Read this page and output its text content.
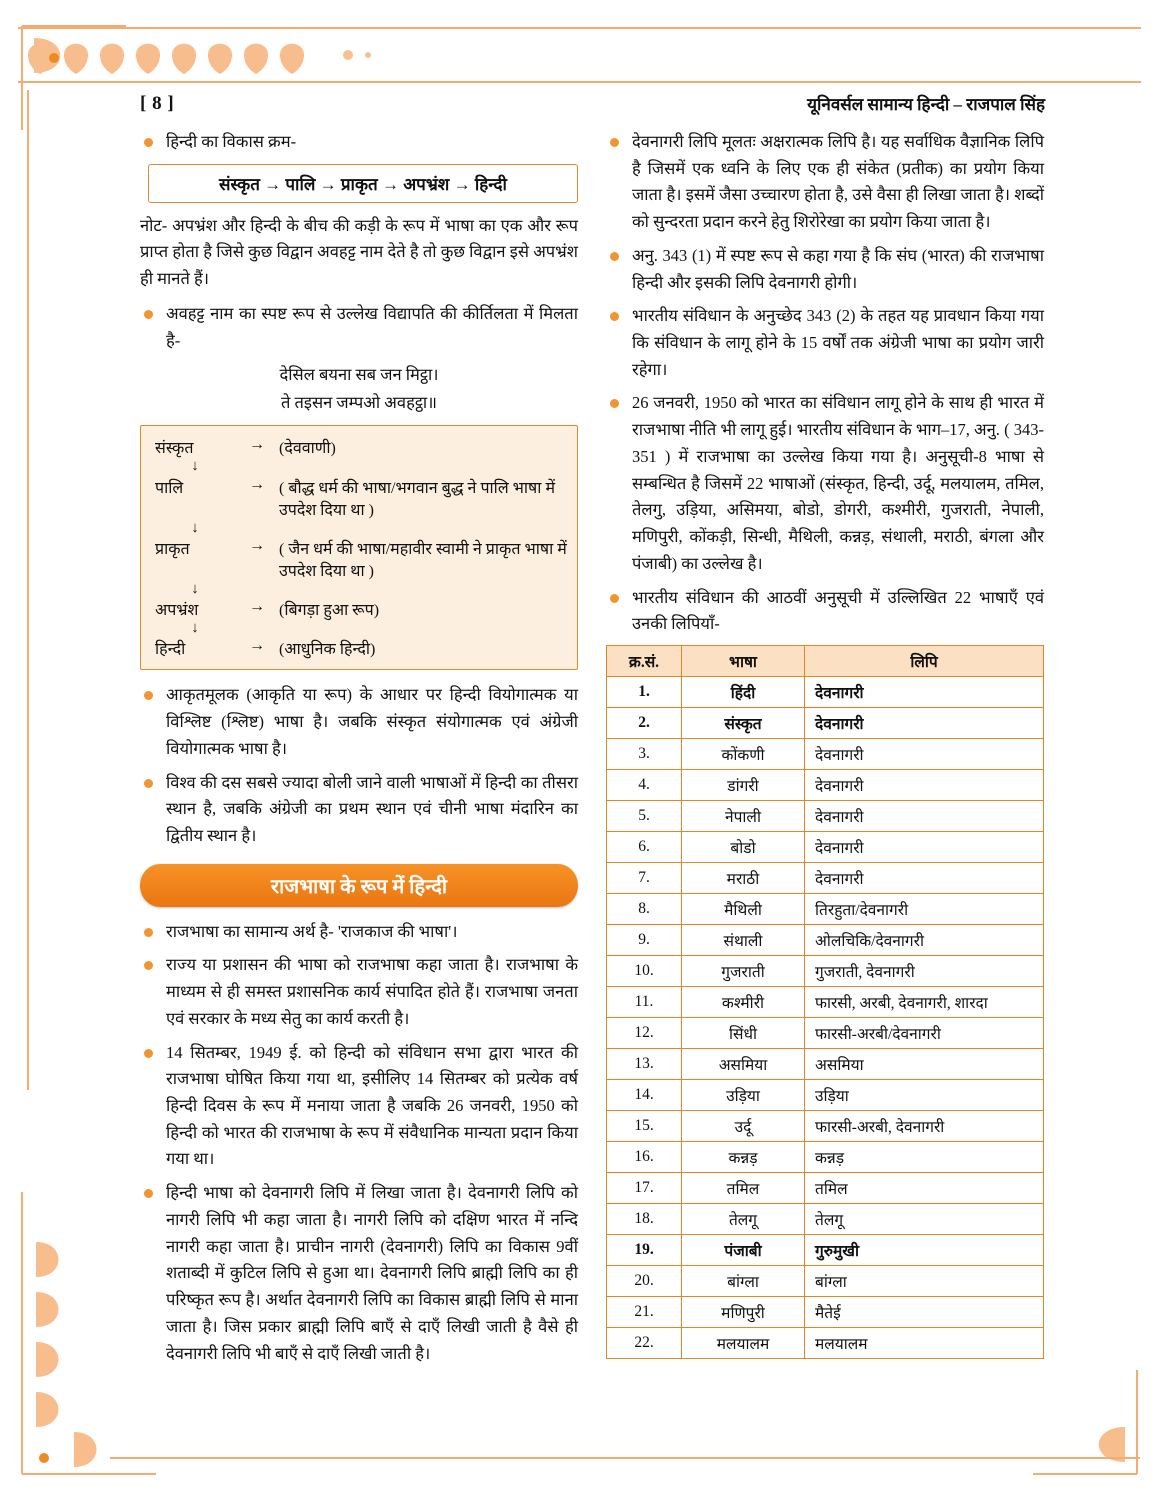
[ 8 ]	यूनिवर्सल सामान्य हिन्दी – राजपाल सिंह
हिन्दी का विकास क्रम-
संस्कृत → पालि → प्राकृत → अपभ्रंश → हिन्दी
नोट- अपभ्रंश और हिन्दी के बीच की कड़ी के रूप में भाषा का एक और रूप प्राप्त होता है जिसे कुछ विद्वान अवहट्ट नाम देते है तो कुछ विद्वान इसे अपभ्रंश ही मानते हैं।
अवहट्ट नाम का स्पष्ट रूप से उल्लेख विद्यापति की कीर्तिलता में मिलता है-
देसिल बयना सब जन मिट्ठा।
ते तइसन जम्पओ अवहट्ठा॥
संस्कृत	→ (देववाणी)
↓
पालि	→ ( बौद्ध धर्म की भाषा/भगवान बुद्ध ने पालि भाषा में उपदेश दिया था )
↓
प्राकृत	→ ( जैन धर्म की भाषा/महावीर स्वामी ने प्राकृत भाषा में उपदेश दिया था )
↓
अपभ्रंश	→ (बिगड़ा हुआ रूप)
↓
हिन्दी	→ (आधुनिक हिन्दी)
आकृतमूलक (आकृति या रूप) के आधार पर हिन्दी वियोगात्मक या विश्लिष्ट (श्लिष्ट) भाषा है। जबकि संस्कृत संयोगात्मक एवं अंग्रेजी वियोगात्मक भाषा है।
विश्व की दस सबसे ज्यादा बोली जाने वाली भाषाओं में हिन्दी का तीसरा स्थान है, जबकि अंग्रेजी का प्रथम स्थान एवं चीनी भाषा मंदारिन का द्वितीय स्थान है।
राजभाषा के रूप में हिन्दी
राजभाषा का सामान्य अर्थ है- 'राजकाज की भाषा'।
राज्य या प्रशासन की भाषा को राजभाषा कहा जाता है। राजभाषा के माध्यम से ही समस्त प्रशासनिक कार्य संपादित होते हैं। राजभाषा जनता एवं सरकार के मध्य सेतु का कार्य करती है।
14 सितम्बर, 1949 ई. को हिन्दी को संविधान सभा द्वारा भारत की राजभाषा घोषित किया गया था, इसीलिए 14 सितम्बर को प्रत्येक वर्ष हिन्दी दिवस के रूप में मनाया जाता है जबकि 26 जनवरी, 1950 को हिन्दी को भारत की राजभाषा के रूप में संवैधानिक मान्यता प्रदान किया गया था।
हिन्दी भाषा को देवनागरी लिपि में लिखा जाता है। देवनागरी लिपि को नागरी लिपि भी कहा जाता है। नागरी लिपि को दक्षिण भारत में नन्दि नागरी कहा जाता है। प्राचीन नागरी (देवनागरी) लिपि का विकास 9वीं शताब्दी में कुटिल लिपि से हुआ था। देवनागरी लिपि ब्राह्मी लिपि का ही परिष्कृत रूप है। अर्थात देवनागरी लिपि का विकास ब्राह्मी लिपि से माना जाता है। जिस प्रकार ब्राह्मी लिपि बाएँ से दाएँ लिखी जाती है वैसे ही देवनागरी लिपि भी बाएँ से दाएँ लिखी जाती है।
देवनागरी लिपि मूलतः अक्षरात्मक लिपि है। यह सर्वाधिक वैज्ञानिक लिपि है जिसमें एक ध्वनि के लिए एक ही संकेत (प्रतीक) का प्रयोग किया जाता है। इसमें जैसा उच्चारण होता है, उसे वैसा ही लिखा जाता है। शब्दों को सुन्दरता प्रदान करने हेतु शिरोरेखा का प्रयोग किया जाता है।
अनु. 343 (1) में स्पष्ट रूप से कहा गया है कि संघ (भारत) की राजभाषा हिन्दी और इसकी लिपि देवनागरी होगी।
भारतीय संविधान के अनुच्छेद 343 (2) के तहत यह प्रावधान किया गया कि संविधान के लागू होने के 15 वर्षों तक अंग्रेजी भाषा का प्रयोग जारी रहेगा।
26 जनवरी, 1950 को भारत का संविधान लागू होने के साथ ही भारत में राजभाषा नीति भी लागू हुई। भारतीय संविधान के भाग–17, अनु. ( 343-351 ) में राजभाषा का उल्लेख किया गया है। अनुसूची-8 भाषा से सम्बन्धित है जिसमें 22 भाषाओं (संस्कृत, हिन्दी, उर्दू, मलयालम, तमिल, तेलगु, उड़िया, असिमया, बोडो, डोगरी, कश्मीरी, गुजराती, नेपाली, मणिपुरी, कोंकड़ी, सिन्धी, मैथिली, कन्नड़, संथाली, मराठी, बंगला और पंजाबी) का उल्लेख है।
भारतीय संविधान की आठवीं अनुसूची में उल्लिखित 22 भाषाएँ एवं उनकी लिपियाँ-
क्र.सं.	भाषा	लिपि
1.	हिंदी	देवनागरी
2.	संस्कृत	देवनागरी
3.	कोंकणी	देवनागरी
4.	डांगरी	देवनागरी
5.	नेपाली	देवनागरी
6.	बोडो	देवनागरी
7.	मराठी	देवनागरी
8.	मैथिली	तिरहुता/देवनागरी
9.	संथाली	ओलचिकि/देवनागरी
10.	गुजराती	गुजराती, देवनागरी
11.	कश्मीरी	फारसी, अरबी, देवनागरी, शारदा
12.	सिंधी	फारसी-अरबी/देवनागरी
13.	असमिया	असमिया
14.	उड़िया	उड़िया
15.	उर्दू	फारसी-अरबी, देवनागरी
16.	कन्नड़	कन्नड़
17.	तमिल	तमिल
18.	तेलगू	तेलगू
19.	पंजाबी	गुरुमुखी
20.	बांग्ला	बांग्ला
21.	मणिपुरी	मैतेई
22.	मलयालम	मलयालम
